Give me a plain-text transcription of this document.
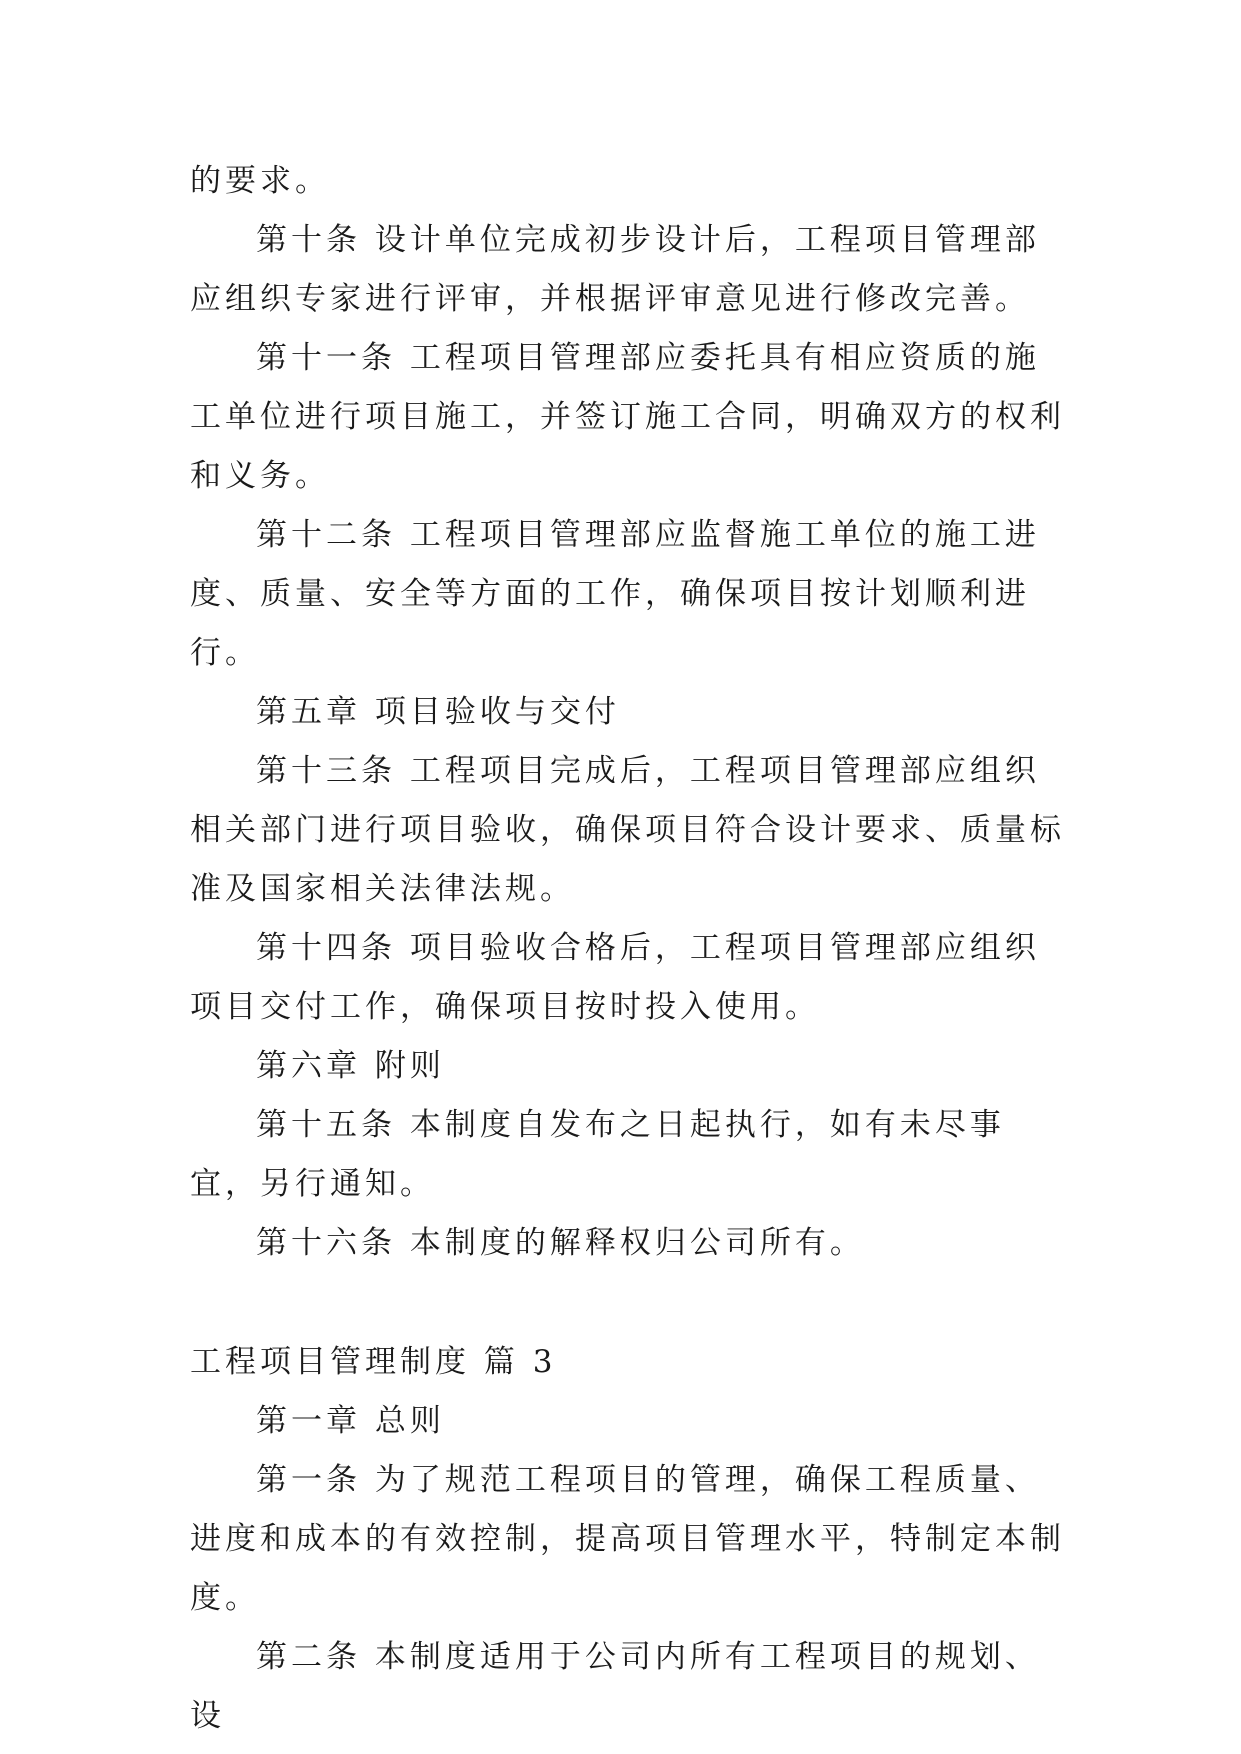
的要求。

第十条 设计单位完成初步设计后，工程项目管理部应组织专家进行评审，并根据评审意见进行修改完善。

第十一条 工程项目管理部应委托具有相应资质的施工单位进行项目施工，并签订施工合同，明确双方的权利和义务。

第十二条 工程项目管理部应监督施工单位的施工进度、质量、安全等方面的工作，确保项目按计划顺利进行。

第五章 项目验收与交付

第十三条 工程项目完成后，工程项目管理部应组织相关部门进行项目验收，确保项目符合设计要求、质量标准及国家相关法律法规。

第十四条 项目验收合格后，工程项目管理部应组织项目交付工作，确保项目按时投入使用。

第六章 附则

第十五条 本制度自发布之日起执行，如有未尽事宜，另行通知。

第十六条 本制度的解释权归公司所有。

工程项目管理制度 篇 3

第一章 总则

第一条 为了规范工程项目的管理，确保工程质量、进度和成本的有效控制，提高项目管理水平，特制定本制度。

第二条 本制度适用于公司内所有工程项目的规划、设
